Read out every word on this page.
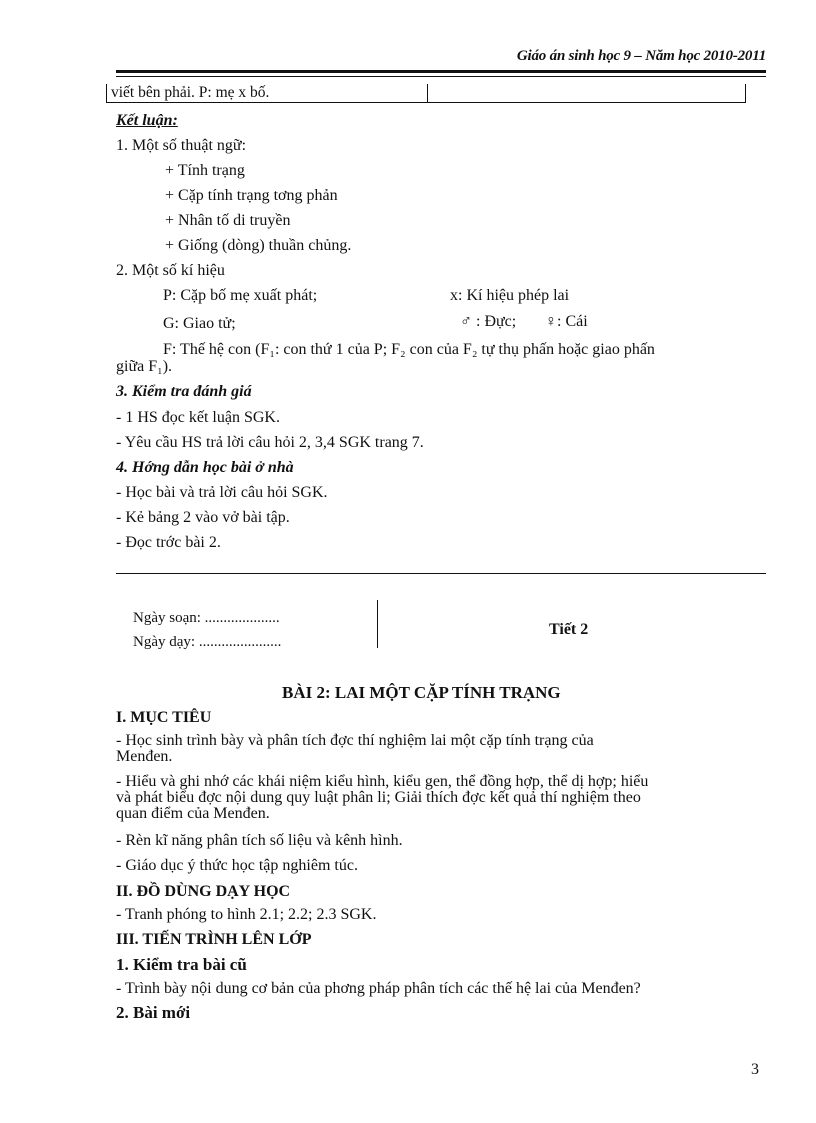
Giáo án sinh học 9 – Năm học 2010-2011
viết bên phải. P: mẹ x bố.
Kết luận:
1. Một số thuật ngữ:
+ Tính trạng
+ Cặp tính trạng tơng phản
+ Nhân tố di truyền
+ Giống (dòng) thuần chủng.
2. Một số kí hiệu
P: Cặp bố mẹ xuất phát;	x: Kí hiệu phép lai
G: Giao tử;	♂ : Đực; ♀: Cái
F: Thế hệ con (F₁: con thứ 1 của P; F₂ con của F₂ tự thụ phấn hoặc giao phấn
giữa F₁).
3. Kiểm tra đánh giá
- 1 HS đọc kết luận SGK.
- Yêu cầu HS trả lời câu hỏi 2, 3,4 SGK trang 7.
4. Hớng dẫn học bài ở nhà
- Học bài và trả lời câu hỏi SGK.
- Kẻ bảng 2 vào vở bài tập.
- Đọc trớc bài 2.
Ngày soạn: ....................
Ngày dạy: ......................
Tiết 2
BÀI 2: LAI MỘT CẶP TÍNH TRẠNG
I. MỤC TIÊU
- Học sinh trình bày và phân tích đợc thí nghiệm lai một cặp tính trạng của
Menđen.
- Hiểu và ghi nhớ các khái niệm kiểu hình, kiểu gen, thể đồng hợp, thể dị hợp; hiểu
và phát biểu đợc nội dung quy luật phân li; Giải thích đợc kết quả thí nghiệm theo
quan điểm của Menđen.
- Rèn kĩ năng phân tích số liệu và kênh hình.
- Giáo dục ý thức học tập nghiêm túc.
II. ĐỒ DÙNG DẠY HỌC
- Tranh phóng to hình 2.1; 2.2; 2.3 SGK.
III. TIẾN TRÌNH LÊN LỚP
1. Kiểm tra bài cũ
- Trình bày nội dung cơ bản của phơng pháp phân tích các thế hệ lai của Menđen?
2. Bài mới
3
